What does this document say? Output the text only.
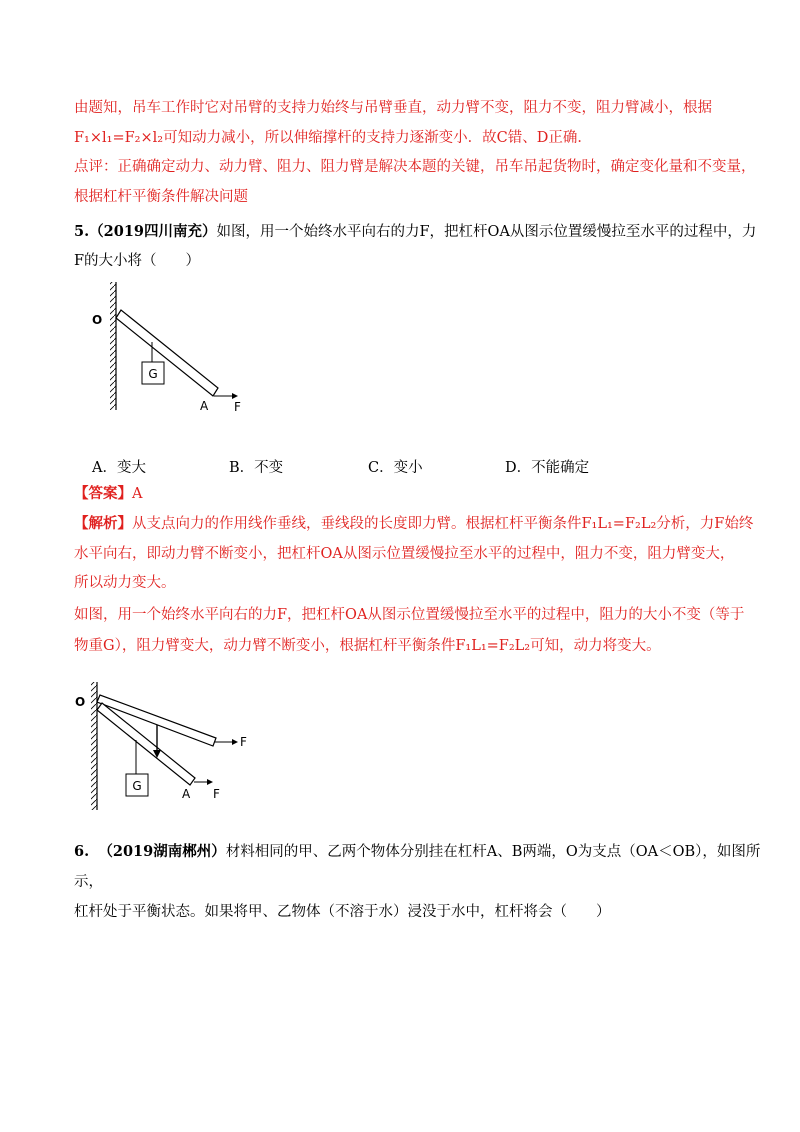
由题知，吊车工作时它对吊臂的支持力始终与吊臂垂直，动力臂不变，阻力不变，阻力臂减小，根据
F₁×l₁=F₂×l₂可知动力减小，所以伸缩撑杆的支持力逐渐变小．故C错、D正确．
点评：正确确定动力、动力臂、阻力、阻力臂是解决本题的关键，吊车吊起货物时，确定变化量和不变量，
根据杠杆平衡条件解决问题
5.（2019四川南充）如图，用一个始终水平向右的力F，把杠杆OA从图示位置缓慢拉至水平的过程中，力
F的大小将（　　）
G
O
A F
A．变大	B．不变	C．变小	D．不能确定
【答案】A
【解析】从支点向力的作用线作垂线，垂线段的长度即力臂。根据杠杆平衡条件F₁L₁=F₂L₂分析，力F始终
水平向右，即动力臂不断变小，把杠杆OA从图示位置缓慢拉至水平的过程中，阻力不变，阻力臂变大，
所以动力变大。
如图，用一个始终水平向右的力F，把杠杆OA从图示位置缓慢拉至水平的过程中，阻力的大小不变（等于
物重G），阻力臂变大，动力臂不断变小，根据杠杆平衡条件F₁L₁=F₂L₂可知，动力将变大。
G
O
A
F
F
6. （2019湖南郴州）材料相同的甲、乙两个物体分别挂在杠杆A、B两端，O为支点（OA＜OB），如图所
示，
杠杆处于平衡状态。如果将甲、乙物体（不溶于水）浸没于水中，杠杆将会（　　）
